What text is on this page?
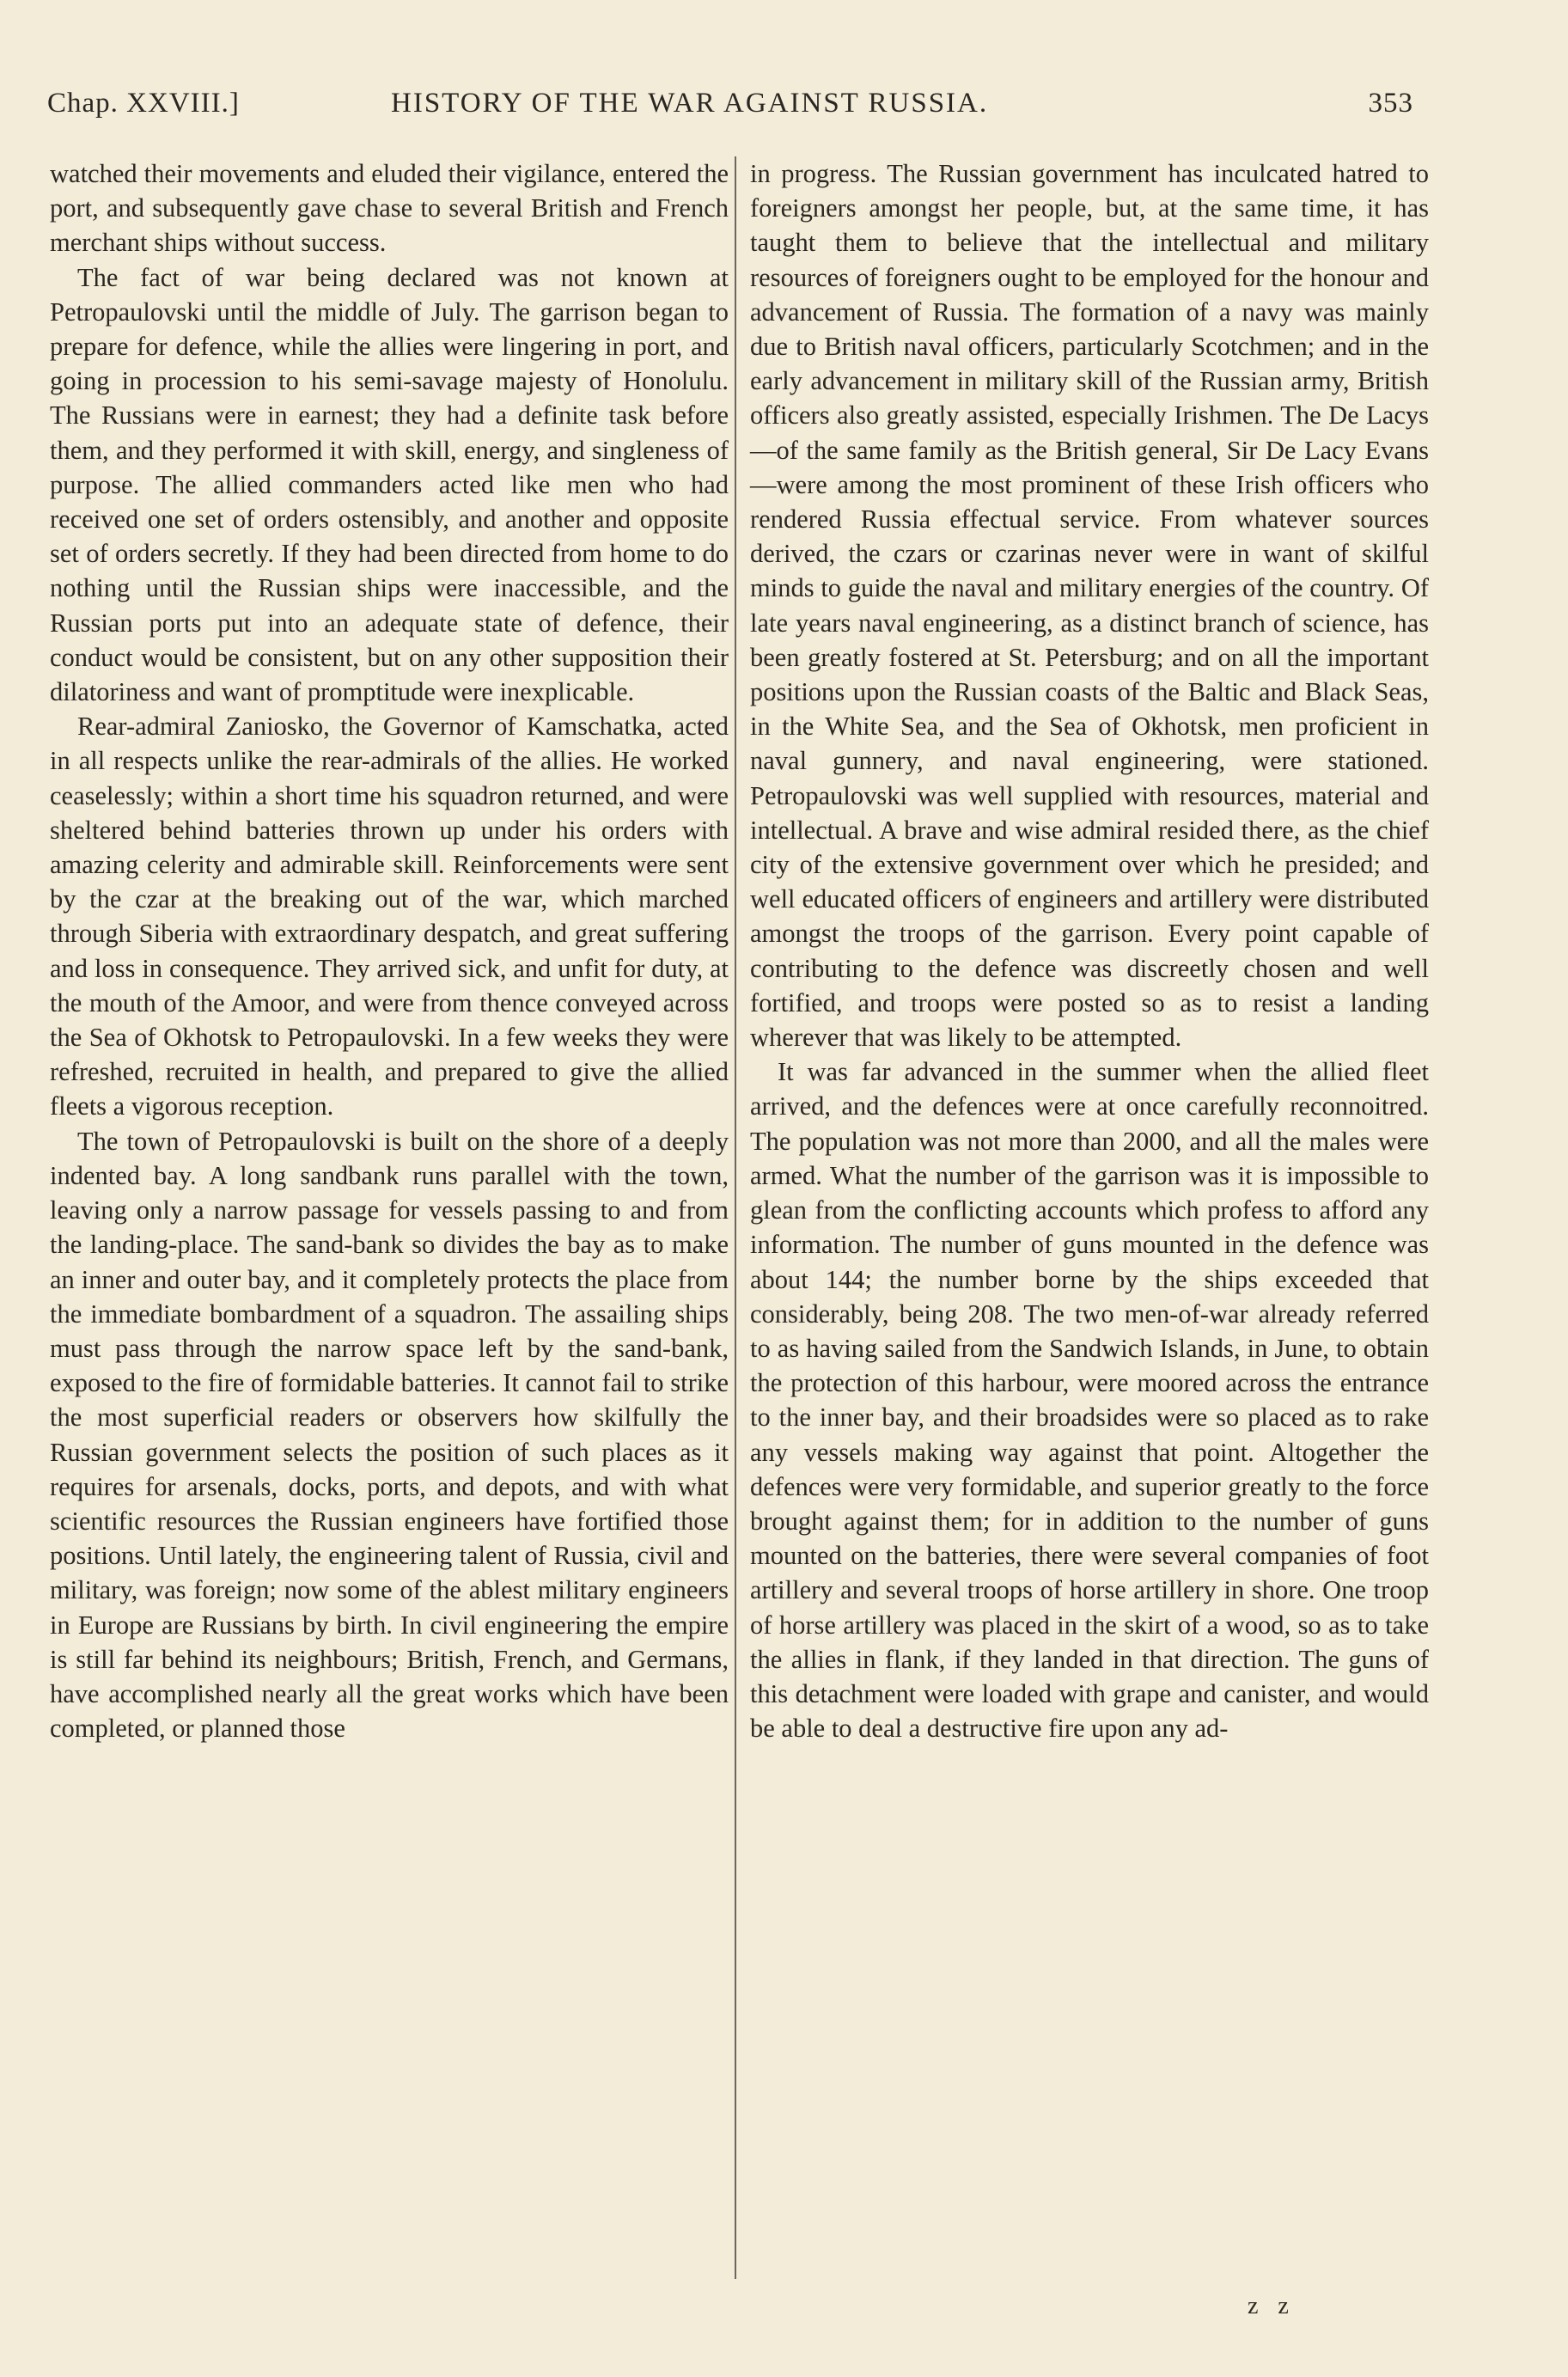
Chap. XXVIII.]	HISTORY OF THE WAR AGAINST RUSSIA.	353

watched their movements and eluded their vigilance, entered the port, and subsequently gave chase to several British and French merchant ships without success.

The fact of war being declared was not known at Petropaulovski until the middle of July. The garrison began to prepare for defence, while the allies were lingering in port, and going in procession to his semi-savage majesty of Honolulu. The Russians were in earnest; they had a definite task before them, and they performed it with skill, energy, and singleness of purpose. The allied commanders acted like men who had received one set of orders ostensibly, and another and opposite set of orders secretly. If they had been directed from home to do nothing until the Russian ships were inaccessible, and the Russian ports put into an adequate state of defence, their conduct would be consistent, but on any other supposition their dilatoriness and want of promptitude were inexplicable.

Rear-admiral Zaniosko, the Governor of Kamschatka, acted in all respects unlike the rear-admirals of the allies. He worked ceaselessly; within a short time his squadron returned, and were sheltered behind batteries thrown up under his orders with amazing celerity and admirable skill. Reinforcements were sent by the czar at the breaking out of the war, which marched through Siberia with extraordinary despatch, and great suffering and loss in consequence. They arrived sick, and unfit for duty, at the mouth of the Amoor, and were from thence conveyed across the Sea of Okhotsk to Petropaulovski. In a few weeks they were refreshed, recruited in health, and prepared to give the allied fleets a vigorous reception.

The town of Petropaulovski is built on the shore of a deeply indented bay. A long sandbank runs parallel with the town, leaving only a narrow passage for vessels passing to and from the landing-place. The sand-bank so divides the bay as to make an inner and outer bay, and it completely protects the place from the immediate bombardment of a squadron. The assailing ships must pass through the narrow space left by the sand-bank, exposed to the fire of formidable batteries. It cannot fail to strike the most superficial readers or observers how skilfully the Russian government selects the position of such places as it requires for arsenals, docks, ports, and depots, and with what scientific resources the Russian engineers have fortified those positions. Until lately, the engineering talent of Russia, civil and military, was foreign; now some of the ablest military engineers in Europe are Russians by birth. In civil engineering the empire is still far behind its neighbours; British, French, and Germans, have accomplished nearly all the great works which have been completed, or planned those

in progress. The Russian government has inculcated hatred to foreigners amongst her people, but, at the same time, it has taught them to believe that the intellectual and military resources of foreigners ought to be employed for the honour and advancement of Russia. The formation of a navy was mainly due to British naval officers, particularly Scotchmen; and in the early advancement in military skill of the Russian army, British officers also greatly assisted, especially Irishmen. The De Lacys—of the same family as the British general, Sir De Lacy Evans—were among the most prominent of these Irish officers who rendered Russia effectual service. From whatever sources derived, the czars or czarinas never were in want of skilful minds to guide the naval and military energies of the country. Of late years naval engineering, as a distinct branch of science, has been greatly fostered at St. Petersburg; and on all the important positions upon the Russian coasts of the Baltic and Black Seas, in the White Sea, and the Sea of Okhotsk, men proficient in naval gunnery, and naval engineering, were stationed. Petropaulovski was well supplied with resources, material and intellectual. A brave and wise admiral resided there, as the chief city of the extensive government over which he presided; and well educated officers of engineers and artillery were distributed amongst the troops of the garrison. Every point capable of contributing to the defence was discreetly chosen and well fortified, and troops were posted so as to resist a landing wherever that was likely to be attempted.

It was far advanced in the summer when the allied fleet arrived, and the defences were at once carefully reconnoitred. The population was not more than 2000, and all the males were armed. What the number of the garrison was it is impossible to glean from the conflicting accounts which profess to afford any information. The number of guns mounted in the defence was about 144; the number borne by the ships exceeded that considerably, being 208. The two men-of-war already referred to as having sailed from the Sandwich Islands, in June, to obtain the protection of this harbour, were moored across the entrance to the inner bay, and their broadsides were so placed as to rake any vessels making way against that point. Altogether the defences were very formidable, and superior greatly to the force brought against them; for in addition to the number of guns mounted on the batteries, there were several companies of foot artillery and several troops of horse artillery in shore. One troop of horse artillery was placed in the skirt of a wood, so as to take the allies in flank, if they landed in that direction. The guns of this detachment were loaded with grape and canister, and would be able to deal a destructive fire upon any ad-

z z
